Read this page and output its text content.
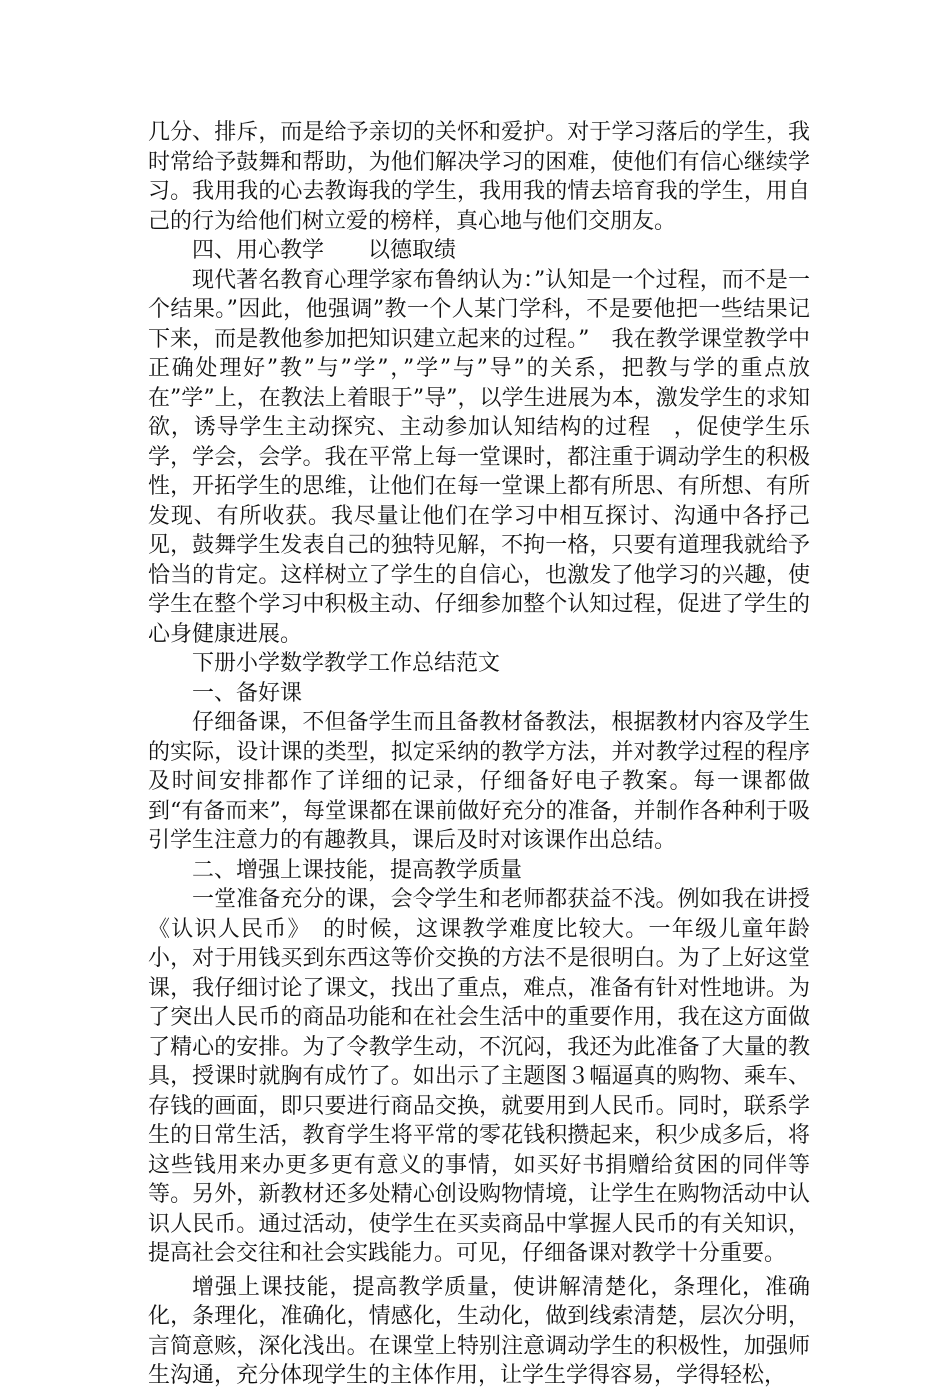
几分、排斥，而是给予亲切的关怀和爱护。对于学习落后的学生，我时常给予鼓舞和帮助，为他们解决学习的困难，使他们有信心继续学习。我用我的心去教诲我的学生，我用我的情去培育我的学生，用自己的行为给他们树立爱的榜样，真心地与他们交朋友。

四、用心教学　　以德取绩

现代著名教育心理学家布鲁纳认为：”认知是一个过程，而不是一个结果。”因此，他强调”教一个人某门学科，不是要他把一些结果记下来，而是教他参加把知识建立起来的过程。”　我在教学课堂教学中正确处理好”教”与”学”，”学”与”导”的关系，把教与学的重点放在”学”上，在教法上着眼于”导”，以学生进展为本，激发学生的求知欲，诱导学生主动探究、主动参加认知结构的过程　，促使学生乐学，学会，会学。我在平常上每一堂课时，都注重于调动学生的积极性，开拓学生的思维，让他们在每一堂课上都有所思、有所想、有所发现、有所收获。我尽量让他们在学习中相互探讨、沟通中各抒己见，鼓舞学生发表自己的独特见解，不拘一格，只要有道理我就给予恰当的肯定。这样树立了学生的自信心，也激发了他学习的兴趣，使学生在整个学习中积极主动、仔细参加整个认知过程，促进了学生的心身健康进展。

下册小学数学教学工作总结范文

一、备好课

仔细备课，不但备学生而且备教材备教法，根据教材内容及学生的实际，设计课的类型，拟定采纳的教学方法，并对教学过程的程序及时间安排都作了详细的记录，仔细备好电子教案。每一课都做到“有备而来”，每堂课都在课前做好充分的准备，并制作各种利于吸引学生注意力的有趣教具，课后及时对该课作出总结。

二、增强上课技能，提高教学质量

一堂准备充分的课，会令学生和老师都获益不浅。例如我在讲授《认识人民币》　的时候，这课教学难度比较大。一年级儿童年龄小，对于用钱买到东西这等价交换的方法不是很明白。为了上好这堂课，我仔细讨论了课文，找出了重点，难点，准备有针对性地讲。为了突出人民币的商品功能和在社会生活中的重要作用，我在这方面做了精心的安排。为了令教学生动，不沉闷，我还为此准备了大量的教具，授课时就胸有成竹了。如出示了主题图３幅逼真的购物、乘车、存钱的画面，即只要进行商品交换，就要用到人民币。同时，联系学生的日常生活，教育学生将平常的零花钱积攒起来，积少成多后，将这些钱用来办更多更有意义的事情，如买好书捐赠给贫困的同伴等等。另外，新教材还多处精心创设购物情境，让学生在购物活动中认识人民币。通过活动，使学生在买卖商品中掌握人民币的有关知识，提高社会交往和社会实践能力。可见，仔细备课对教学十分重要。

增强上课技能，提高教学质量，使讲解清楚化，条理化，准确化，条理化，准确化，情感化，生动化，做到线索清楚，层次分明，言简意赅，深化浅出。在课堂上特别注意调动学生的积极性，加强师生沟通，充分体现学生的主体作用，让学生学得容易，学得轻松，
